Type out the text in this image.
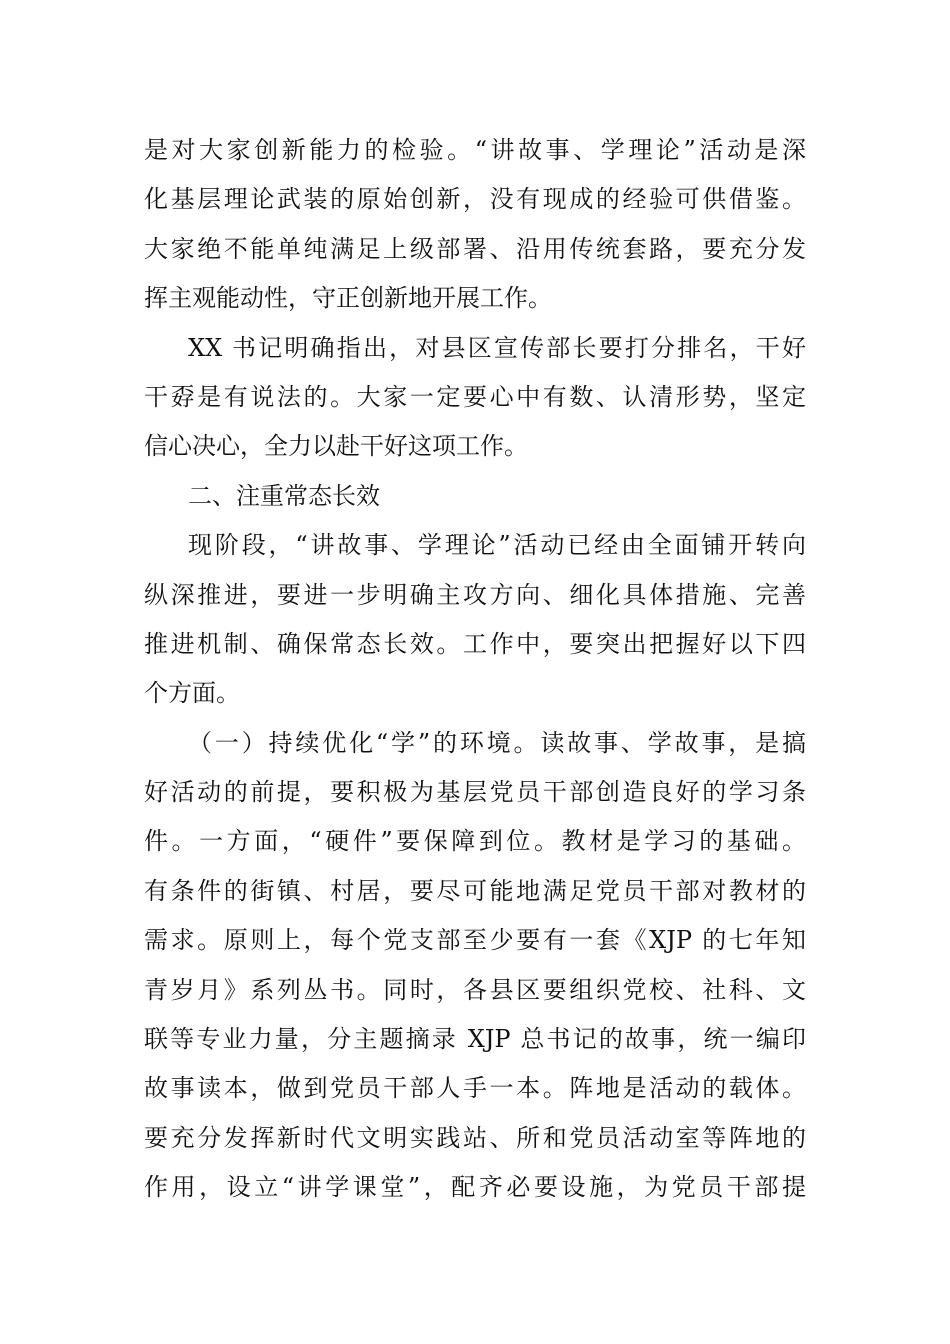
是对大家创新能力的检验。“讲故事、学理论”活动是深
化基层理论武装的原始创新，没有现成的经验可供借鉴。
大家绝不能单纯满足上级部署、沿用传统套路，要充分发
挥主观能动性，守正创新地开展工作。
XX 书记明确指出，对县区宣传部长要打分排名，干好
干孬是有说法的。大家一定要心中有数、认清形势，坚定
信心决心，全力以赴干好这项工作。
二、注重常态长效
现阶段，“讲故事、学理论”活动已经由全面铺开转向
纵深推进，要进一步明确主攻方向、细化具体措施、完善
推进机制、确保常态长效。工作中，要突出把握好以下四
个方面。
（一）持续优化“学”的环境。读故事、学故事，是搞
好活动的前提，要积极为基层党员干部创造良好的学习条
件。一方面，“硬件”要保障到位。教材是学习的基础。
有条件的街镇、村居，要尽可能地满足党员干部对教材的
需求。原则上，每个党支部至少要有一套《XJP 的七年知
青岁月》系列丛书。同时，各县区要组织党校、社科、文
联等专业力量，分主题摘录 XJP 总书记的故事，统一编印
故事读本，做到党员干部人手一本。阵地是活动的载体。
要充分发挥新时代文明实践站、所和党员活动室等阵地的
作用，设立“讲学课堂”，配齐必要设施，为党员干部提
